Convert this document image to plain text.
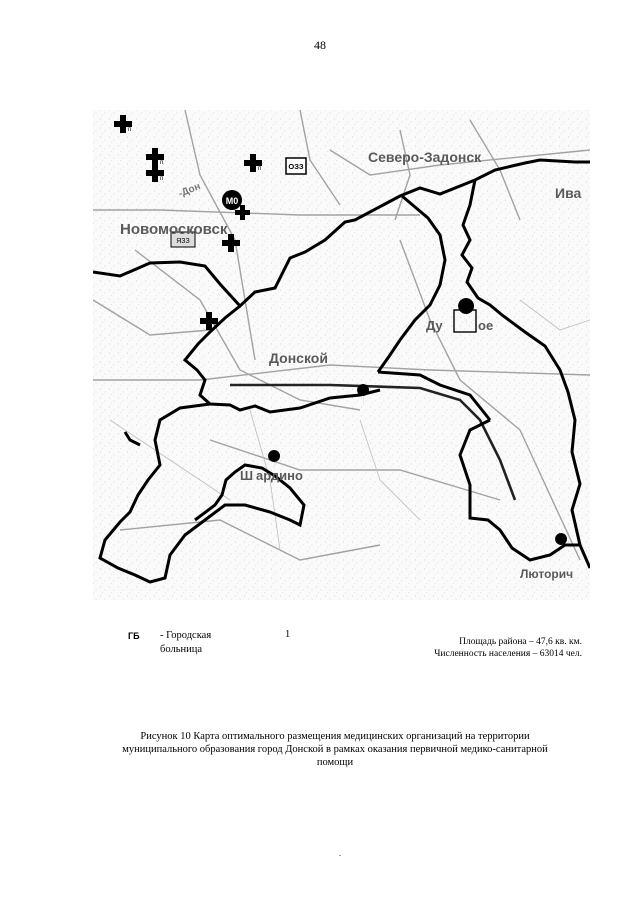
48
п
п
п
п
п
ОЗЗ
ЯЗЗ
М0
ГБ
Новомосковск
Северо-Задонск
Донской
Ива
Ду	ое
Ш ардино
Люторич
-Дон
ГБ - Городская
больница
1
Площадь района – 47,6 кв. км.
Численность населения – 63014 чел.
Рисунок 10 Карта оптимального размещения медицинских организаций на территории
муниципального образования город Донской в рамках оказания первичной медико-санитарной
помощи
.
